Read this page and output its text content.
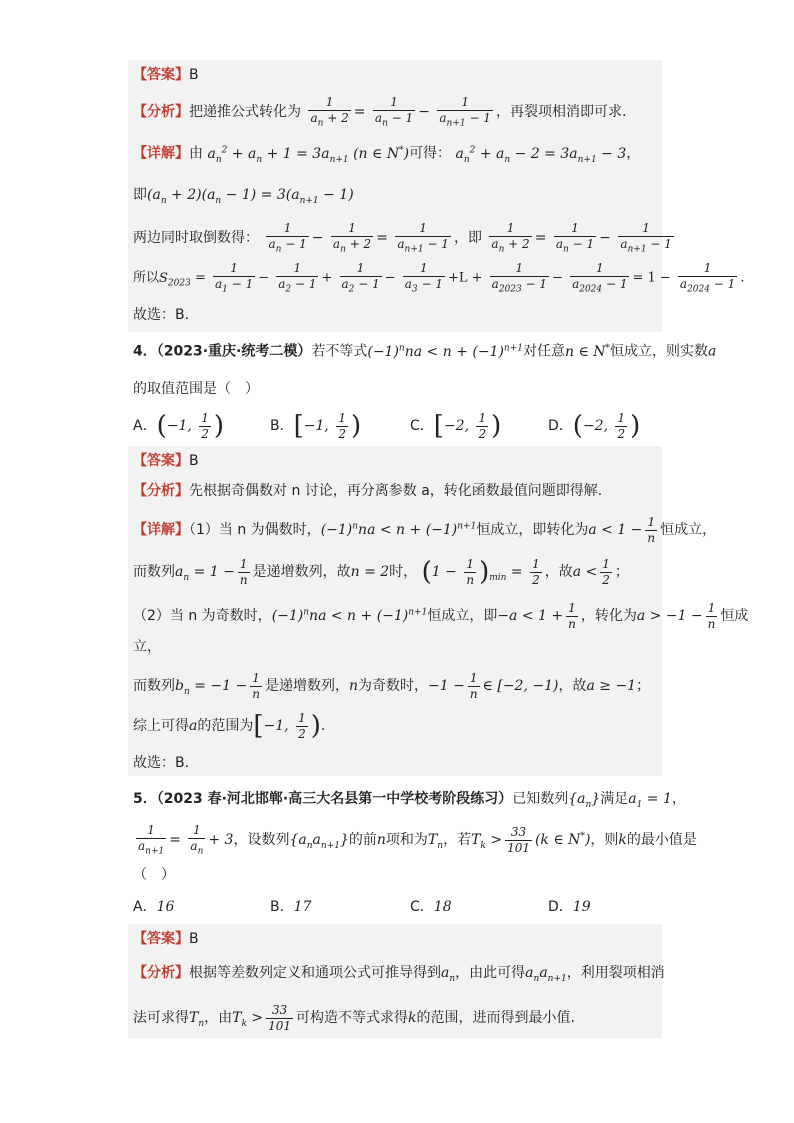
【答案】B
【分析】把递推公式转化为 $\frac{1}{a_n + 2} = \frac{1}{a_n - 1} - \frac{1}{a_{n+1} - 1}$ ，再裂项相消即可求.
【详解】由 $a_n^2 + a_n + 1 = 3a_{n+1}$ (n ∈ N*)可得： $a_n^2 + a_n - 2 = 3a_{n+1} - 3$，
即$(a_n + 2)(a_n - 1) = 3(a_{n+1} - 1)$
两边同时取倒数得： $\frac{1}{a_n - 1} - \frac{1}{a_n + 2} = \frac{1}{a_{n+1} - 1}$ ，即 $\frac{1}{a_n + 2} = \frac{1}{a_n - 1} - \frac{1}{a_{n+1} - 1}$
所以$S_{2023} = \frac{1}{a_1 - 1} - \frac{1}{a_2 - 1} + \frac{1}{a_2 - 1} - \frac{1}{a_3 - 1} +L + \frac{1}{a_{2023} - 1} - \frac{1}{a_{2024} - 1} = 1 - \frac{1}{a_{2024} - 1}$ .
故选：B.
4．（2023·重庆·统考二模）若不等式$(-1)^nna < n + (-1)^{n+1}$对任意n ∈ N*恒成立，则实数a
的取值范围是（　）
A．(−1, $\frac{1}{2}$ )	B．[−1, $\frac{1}{2}$ )	C．[−2, $\frac{1}{2}$ )	D．(−2, $\frac{1}{2}$ )
【答案】B
【分析】先根据奇偶数对 n 讨论，再分离参数 a，转化函数最值问题即得解.
【详解】（1）当 n 为偶数时，$(-1)^nna < n + (-1)^{n+1}$恒成立，即转化为$a < 1 - \frac{1}{n}$ 恒成立，
而数列$a_n = 1 - \frac{1}{n}$ 是递增数列，故n = 2时， $(1 - \frac{1}{n} )_{min} = \frac{1}{2}$ ，故$a < \frac{1}{2}$ ；
（2）当 n 为奇数时，$(-1)^nna < n + (-1)^{n+1}$恒成立，即$-a < 1 + \frac{1}{n}$ ，转化为$a > -1 - \frac{1}{n}$ 恒成
立，
而数列$b_n = -1 - \frac{1}{n}$ 是递增数列，n为奇数时，$-1 - \frac{1}{n}$ ∈ [−2, −1)，故a ≥ −1；
综上可得a的范围为[−1, $\frac{1}{2}$ ).
故选：B.
5．（2023 春·河北邯郸·高三大名县第一中学校考阶段练习）已知数列$\{a_n\}$满足$a_1 = 1$，
$\frac{1}{a_{n+1}} = \frac{1}{a_n} + 3$，设数列$\{a_na_{n+1}\}$的前n项和为$T_n$，若$T_k > \frac{33}{101} (k$ ∈ N*)，则k的最小值是
（　）
A．16	B．17	C．18	D．19
【答案】B
【分析】根据等差数列定义和通项公式可推导得到$a_n$，由此可得$a_na_{n+1}$，利用裂项相消
法可求得$T_n$，由$T_k > \frac{33}{101}$ 可构造不等式求得k的范围，进而得到最小值.
